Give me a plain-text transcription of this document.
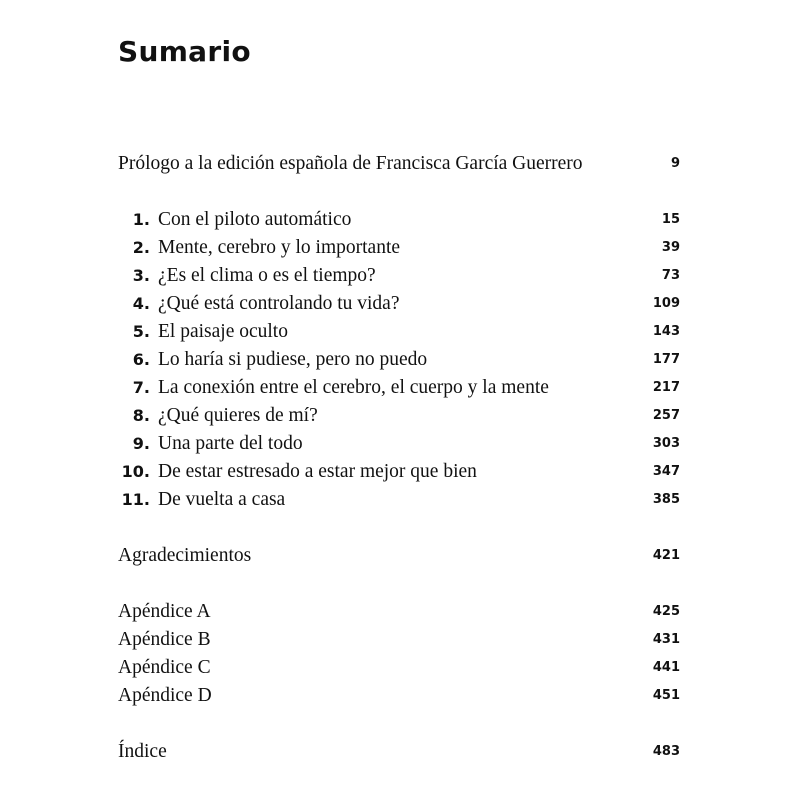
Sumario
Prólogo a la edición española de Francisca García Guerrero	9
1. Con el piloto automático	15
2. Mente, cerebro y lo importante	39
3. ¿Es el clima o es el tiempo?	73
4. ¿Qué está controlando tu vida?	109
5. El paisaje oculto	143
6. Lo haría si pudiese, pero no puedo	177
7. La conexión entre el cerebro, el cuerpo y la mente	217
8. ¿Qué quieres de mí?	257
9. Una parte del todo	303
10. De estar estresado a estar mejor que bien	347
11. De vuelta a casa	385
Agradecimientos	421
Apéndice A	425
Apéndice B	431
Apéndice C	441
Apéndice D	451
Índice	483
